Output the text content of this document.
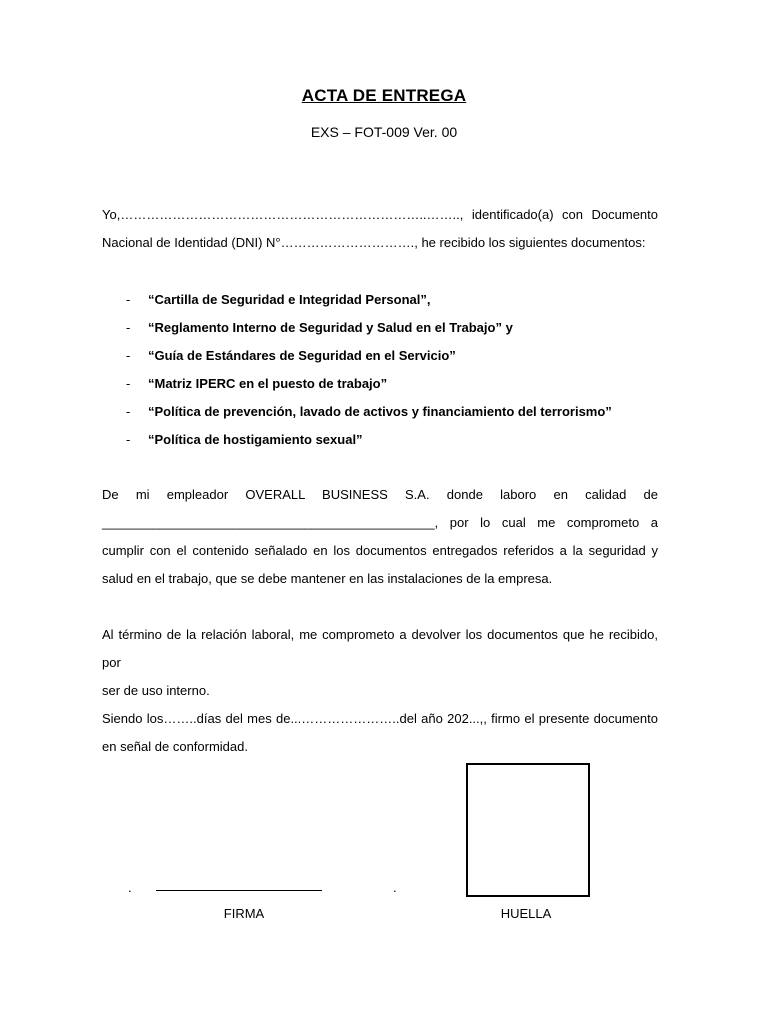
ACTA DE ENTREGA
EXS – FOT-009 Ver. 00
Yo,……………………………………………………………..…….., identificado(a) con Documento
Nacional de Identidad (DNI) N°…………………………., he recibido los siguientes documentos:
- “Cartilla de Seguridad e Integridad Personal”,
- “Reglamento Interno de Seguridad y Salud en el Trabajo” y
- “Guía de Estándares de Seguridad en el Servicio”
- “Matriz IPERC en el puesto de trabajo”
- “Política de prevención, lavado de activos y financiamiento del terrorismo”
- “Política de hostigamiento sexual”
De mi empleador OVERALL BUSINESS S.A. donde laboro en calidad de
______________________________________________, por lo cual me comprometo a
cumplir con el contenido señalado en los documentos entregados referidos a la seguridad y
salud en el trabajo, que se debe mantener en las instalaciones de la empresa.
Al término de la relación laboral, me comprometo a devolver los documentos que he recibido, por
ser de uso interno.
Siendo los……..días del mes de...…………………..del año 202...,, firmo el presente documento
en señal de conformidad.
.	.
FIRMA	HUELLA
